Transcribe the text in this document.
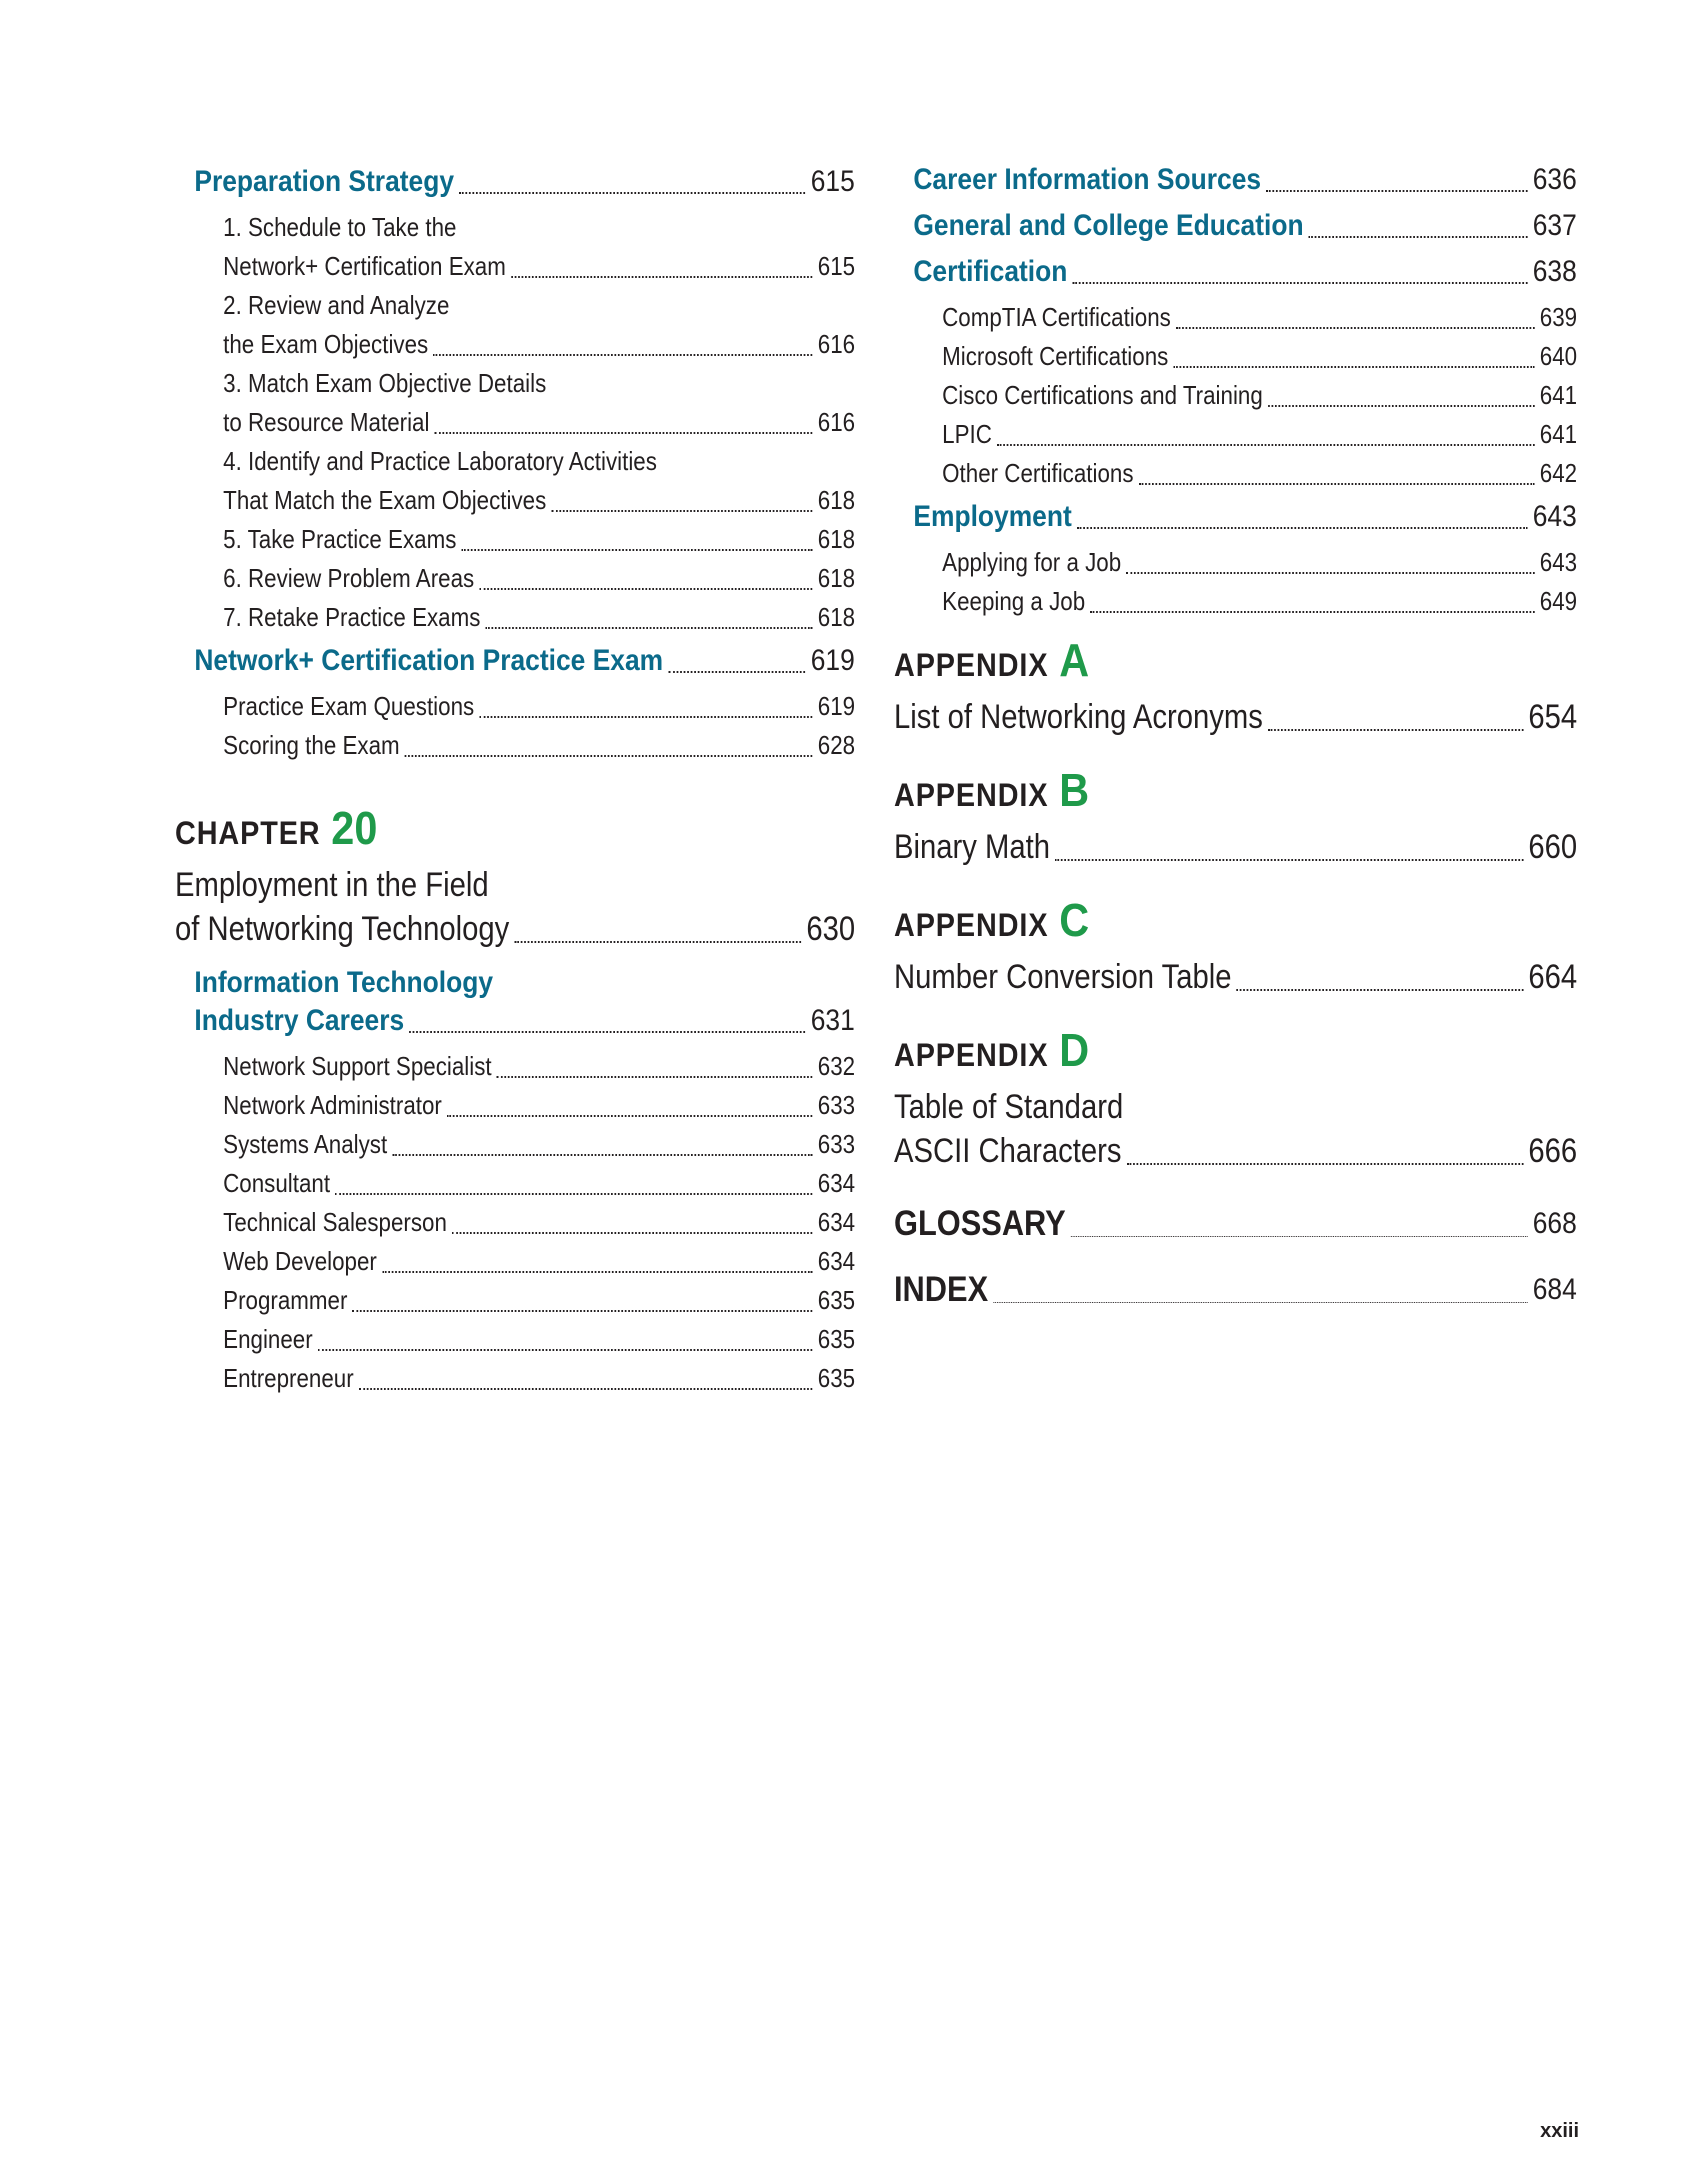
Preparation Strategy	615
1. Schedule to Take the
Network+ Certification Exam	615
2. Review and Analyze
the Exam Objectives	616
3. Match Exam Objective Details
to Resource Material	616
4. Identify and Practice Laboratory Activities
That Match the Exam Objectives	618
5. Take Practice Exams	618
6. Review Problem Areas	618
7. Retake Practice Exams	618
Network+ Certification Practice Exam	619
Practice Exam Questions	619
Scoring the Exam	628
CHAPTER 20
Employment in the Field
of Networking Technology	630
Information Technology
Industry Careers	631
Network Support Specialist	632
Network Administrator	633
Systems Analyst	633
Consultant	634
Technical Salesperson	634
Web Developer	634
Programmer	635
Engineer	635
Entrepreneur	635
Career Information Sources	636
General and College Education	637
Certification	638
CompTIA Certifications	639
Microsoft Certifications	640
Cisco Certifications and Training	641
LPIC	641
Other Certifications	642
Employment	643
Applying for a Job	643
Keeping a Job	649
APPENDIX A
List of Networking Acronyms	654
APPENDIX B
Binary Math	660
APPENDIX C
Number Conversion Table	664
APPENDIX D
Table of Standard
ASCII Characters	666
GLOSSARY	668
INDEX	684
xxiii
